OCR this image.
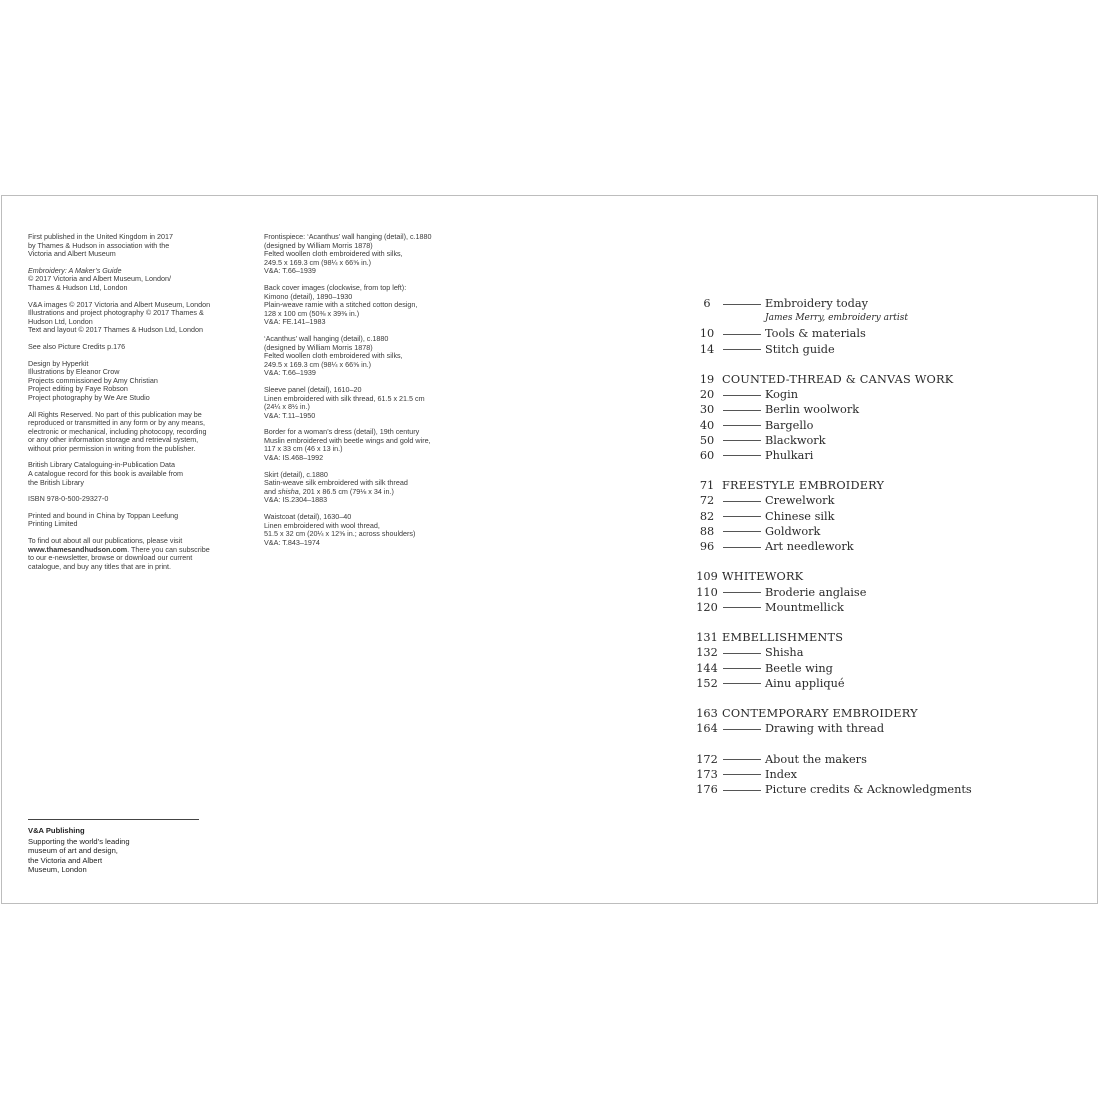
First published in the United Kingdom in 2017
by Thames & Hudson in association with the
Victoria and Albert Museum

Embroidery: A Maker’s Guide
© 2017 Victoria and Albert Museum, London/
Thames & Hudson Ltd, London

V&A images © 2017 Victoria and Albert Museum, London
Illustrations and project photography © 2017 Thames &
Hudson Ltd, London
Text and layout © 2017 Thames & Hudson Ltd, London

See also Picture Credits p.176

Design by Hyperkit
Illustrations by Eleanor Crow
Projects commissioned by Amy Christian
Project editing by Faye Robson
Project photography by We Are Studio

All Rights Reserved. No part of this publication may be
reproduced or transmitted in any form or by any means,
electronic or mechanical, including photocopy, recording
or any other information storage and retrieval system,
without prior permission in writing from the publisher.

British Library Cataloguing-in-Publication Data
A catalogue record for this book is available from
the British Library

ISBN 978-0-500-29327-0

Printed and bound in China by Toppan Leefung
Printing Limited

To find out about all our publications, please visit
www.thamesandhudson.com. There you can subscribe
to our e-newsletter, browse or download our current
catalogue, and buy any titles that are in print.

Frontispiece: ‘Acanthus’ wall hanging (detail), c.1880
(designed by William Morris 1878)
Felted woollen cloth embroidered with silks,
249.5 x 169.3 cm (98¼ x 66⅝ in.)
V&A: T.66–1939

Back cover images (clockwise, from top left):
Kimono (detail), 1890–1930
Plain-weave ramie with a stitched cotton design,
128 x 100 cm (50⅜ x 39⅜ in.)
V&A: FE.141–1983

‘Acanthus’ wall hanging (detail), c.1880
(designed by William Morris 1878)
Felted woollen cloth embroidered with silks,
249.5 x 169.3 cm (98¼ x 66⅝ in.)
V&A: T.66–1939

Sleeve panel (detail), 1610–20
Linen embroidered with silk thread, 61.5 x 21.5 cm
(24¼ x 8½ in.)
V&A: T.11–1950

Border for a woman’s dress (detail), 19th century
Muslin embroidered with beetle wings and gold wire,
117 x 33 cm (46 x 13 in.)
V&A: IS.468–1992

Skirt (detail), c.1880
Satin-weave silk embroidered with silk thread
and shisha, 201 x 86.5 cm (79⅛ x 34 in.)
V&A: IS.2304–1883

Waistcoat (detail), 1630–40
Linen embroidered with wool thread,
51.5 x 32 cm (20¼ x 12⅝ in.; across shoulders)
V&A: T.843–1974

V&A Publishing
Supporting the world’s leading
museum of art and design,
the Victoria and Albert
Museum, London
6	Embroidery today
James Merry, embroidery artist
10	Tools & materials
14	Stitch guide
19 COUNTED-THREAD & CANVAS WORK
20	Kogin
30	Berlin woolwork
40	Bargello
50	Blackwork
60	Phulkari
71 FREESTYLE EMBROIDERY
72	Crewelwork
82	Chinese silk
88	Goldwork
96	Art needlework
109 WHITEWORK
110	Broderie anglaise
120	Mountmellick
131 EMBELLISHMENTS
132	Shisha
144	Beetle wing
152	Ainu appliqué
163 CONTEMPORARY EMBROIDERY
164	Drawing with thread
172	About the makers
173	Index
176	Picture credits & Acknowledgments
